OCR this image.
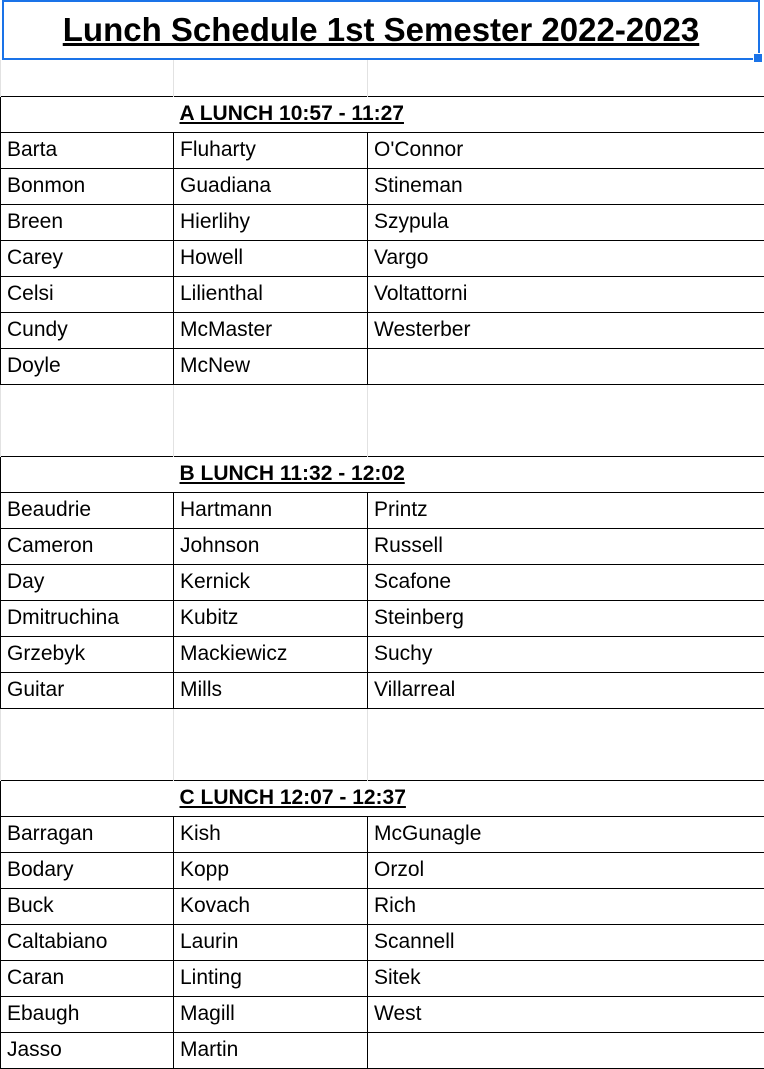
Lunch Schedule 1st Semester 2022-2023

	A LUNCH 10:57 - 11:27	
Barta	Fluharty	O'Connor
Bonmon	Guadiana	Stineman
Breen	Hierlihy	Szypula
Carey	Howell	Vargo
Celsi	Lilienthal	Voltattorni
Cundy	McMaster	Westerber
Doyle	McNew	

	B LUNCH 11:32 - 12:02	
Beaudrie	Hartmann	Printz
Cameron	Johnson	Russell
Day	Kernick	Scafone
Dmitruchina	Kubitz	Steinberg
Grzebyk	Mackiewicz	Suchy
Guitar	Mills	Villarreal

	C LUNCH 12:07 - 12:37	
Barragan	Kish	McGunagle
Bodary	Kopp	Orzol
Buck	Kovach	Rich
Caltabiano	Laurin	Scannell
Caran	Linting	Sitek
Ebaugh	Magill	West
Jasso	Martin	
